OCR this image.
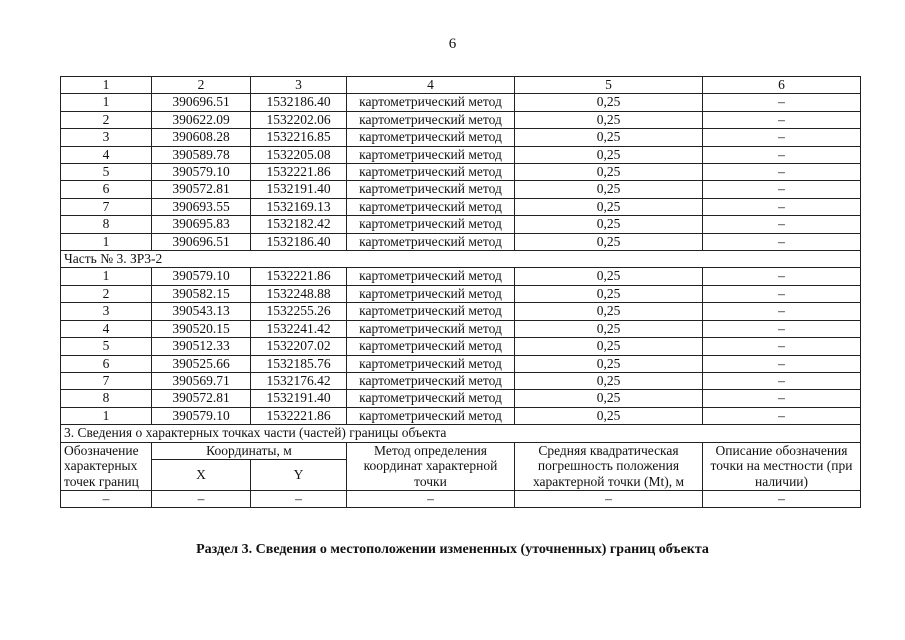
6
1	2	3	4	5	6
1	390696.51	1532186.40	картометрический метод	0,25	–
2	390622.09	1532202.06	картометрический метод	0,25	–
3	390608.28	1532216.85	картометрический метод	0,25	–
4	390589.78	1532205.08	картометрический метод	0,25	–
5	390579.10	1532221.86	картометрический метод	0,25	–
6	390572.81	1532191.40	картометрический метод	0,25	–
7	390693.55	1532169.13	картометрический метод	0,25	–
8	390695.83	1532182.42	картометрический метод	0,25	–
1	390696.51	1532186.40	картометрический метод	0,25	–
Часть № 3. ЗР3-2					
1	390579.10	1532221.86	картометрический метод	0,25	–
2	390582.15	1532248.88	картометрический метод	0,25	–
3	390543.13	1532255.26	картометрический метод	0,25	–
4	390520.15	1532241.42	картометрический метод	0,25	–
5	390512.33	1532207.02	картометрический метод	0,25	–
6	390525.66	1532185.76	картометрический метод	0,25	–
7	390569.71	1532176.42	картометрический метод	0,25	–
8	390572.81	1532191.40	картометрический метод	0,25	–
1	390579.10	1532221.86	картометрический метод	0,25	–
3. Сведения о характерных точках части (частей) границы объекта					
Обозначение характерных точек границ	Координаты, м		Метод определения координат характерной точки	Средняя квадратическая погрешность положения характерной точки (Mt), м	Описание обозначения точки на местности (при наличии)
	X	Y			
–	–	–	–	–	–
Раздел 3. Сведения о местоположении измененных (уточненных) границ объекта
